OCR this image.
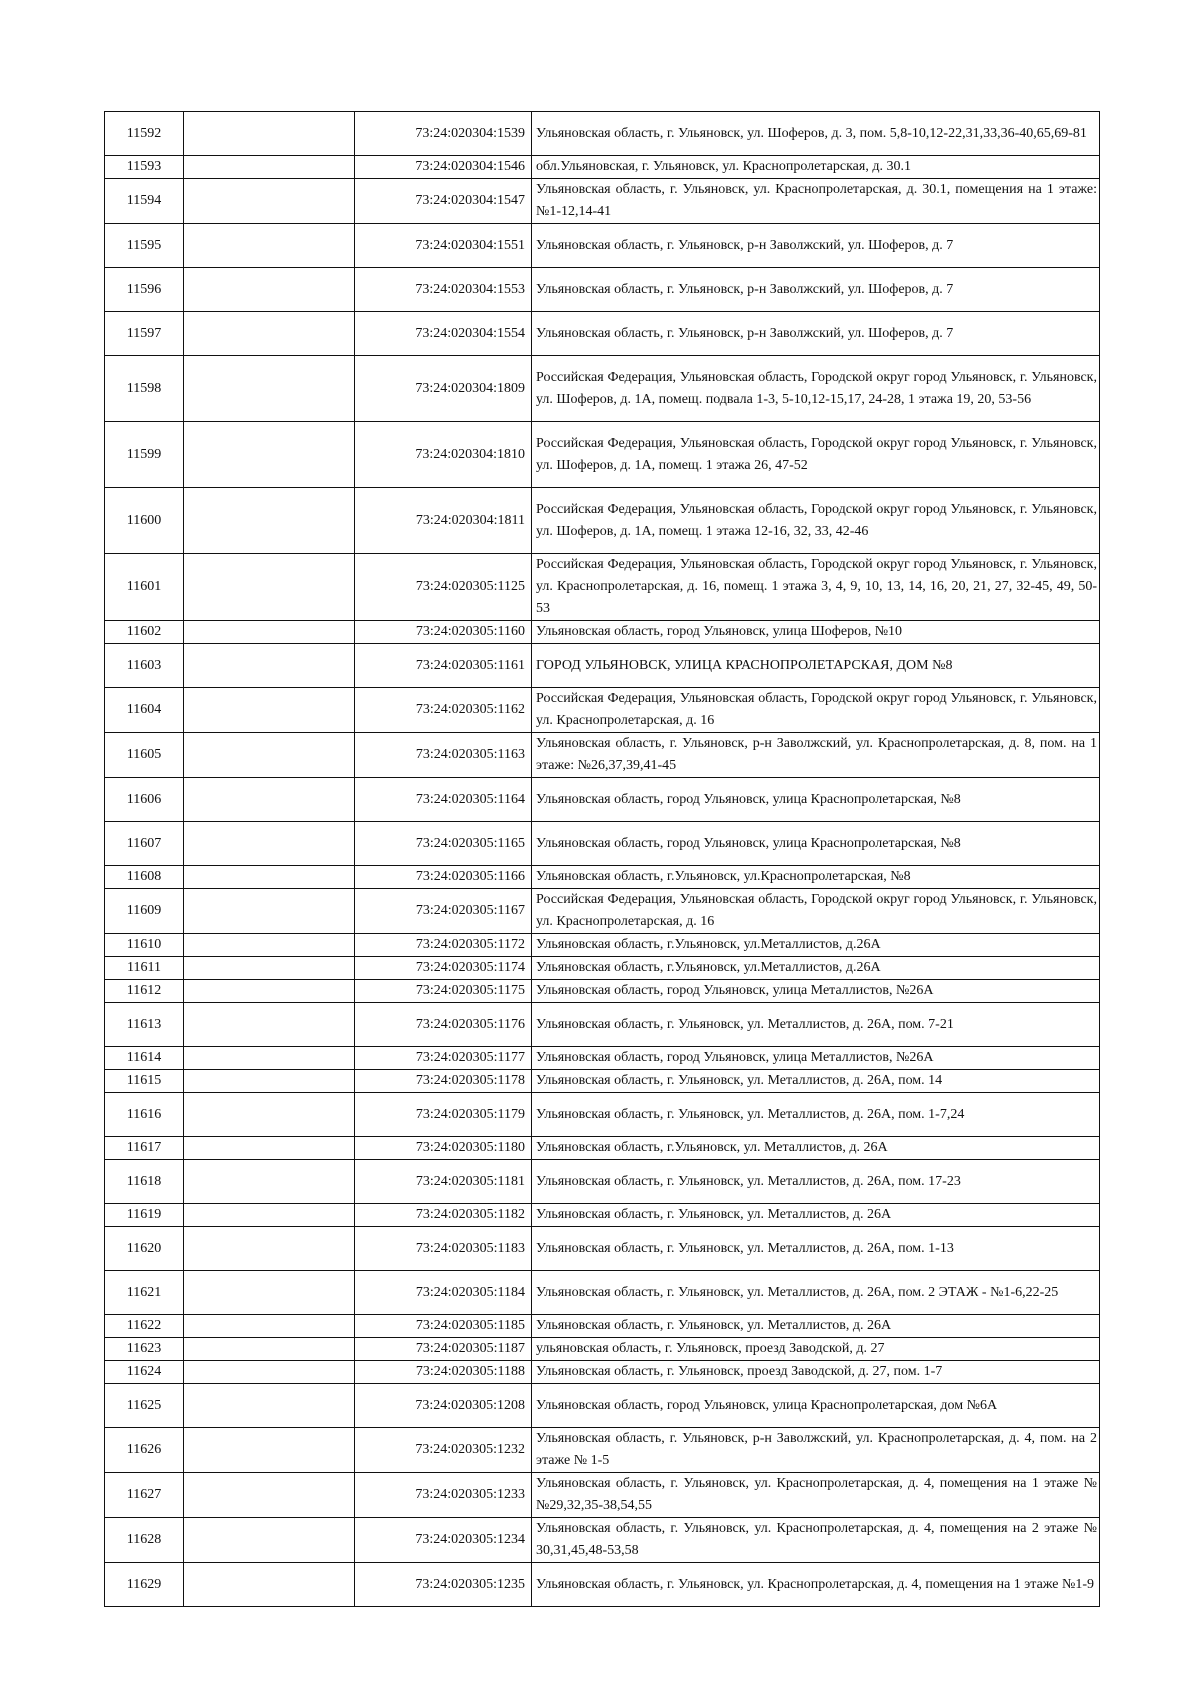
11592		73:24:020304:1539	Ульяновская область, г. Ульяновск, ул. Шоферов, д. 3, пом. 5,8-10,12-22,31,33,36-40,65,69-81
11593		73:24:020304:1546	обл.Ульяновская, г. Ульяновск, ул. Краснопролетарская, д. 30.1
11594		73:24:020304:1547	Ульяновская область, г. Ульяновск, ул. Краснопролетарская, д. 30.1, помещения на 1 этаже:№1-12,14-41
11595		73:24:020304:1551	Ульяновская область, г. Ульяновск, р-н Заволжский, ул. Шоферов, д. 7
11596		73:24:020304:1553	Ульяновская область, г. Ульяновск, р-н Заволжский, ул. Шоферов, д. 7
11597		73:24:020304:1554	Ульяновская область, г. Ульяновск, р-н Заволжский, ул. Шоферов, д. 7
11598		73:24:020304:1809	Российская Федерация, Ульяновская область, Городской округ город Ульяновск, г. Ульяновск, ул. Шоферов, д. 1А, помещ. подвала 1-3, 5-10,12-15,17, 24-28, 1 этажа 19, 20, 53-56
11599		73:24:020304:1810	Российская Федерация, Ульяновская область, Городской округ город Ульяновск, г. Ульяновск, ул. Шоферов, д. 1А, помещ. 1 этажа 26, 47-52
11600		73:24:020304:1811	Российская Федерация, Ульяновская область, Городской округ город Ульяновск, г. Ульяновск, ул. Шоферов, д. 1А, помещ. 1 этажа 12-16, 32, 33, 42-46
11601		73:24:020305:1125	Российская Федерация, Ульяновская область, Городской округ город Ульяновск, г. Ульяновск, ул. Краснопролетарская, д. 16, помещ. 1 этажа 3, 4, 9, 10, 13, 14, 16, 20, 21, 27, 32-45, 49, 50-53
11602		73:24:020305:1160	Ульяновская область, город Ульяновск, улица Шоферов, №10
11603		73:24:020305:1161	ГОРОД УЛЬЯНОВСК, УЛИЦА КРАСНОПРОЛЕТАРСКАЯ, ДОМ №8
11604		73:24:020305:1162	Российская Федерация, Ульяновская область, Городской округ город Ульяновск, г. Ульяновск, ул. Краснопролетарская, д. 16
11605		73:24:020305:1163	Ульяновская область, г. Ульяновск, р-н Заволжский, ул. Краснопролетарская, д. 8, пом. на 1 этаже: №26,37,39,41-45
11606		73:24:020305:1164	Ульяновская область, город Ульяновск, улица Краснопролетарская, №8
11607		73:24:020305:1165	Ульяновская область, город Ульяновск, улица Краснопролетарская, №8
11608		73:24:020305:1166	Ульяновская область, г.Ульяновск, ул.Краснопролетарская, №8
11609		73:24:020305:1167	Российская Федерация, Ульяновская область, Городской округ город Ульяновск, г. Ульяновск, ул. Краснопролетарская, д. 16
11610		73:24:020305:1172	Ульяновская область, г.Ульяновск, ул.Металлистов, д.26А
11611		73:24:020305:1174	Ульяновская область, г.Ульяновск, ул.Металлистов, д.26А
11612		73:24:020305:1175	Ульяновская область, город Ульяновск, улица Металлистов, №26А
11613		73:24:020305:1176	Ульяновская область, г. Ульяновск, ул. Металлистов, д. 26А, пом. 7-21
11614		73:24:020305:1177	Ульяновская область, город Ульяновск, улица Металлистов, №26А
11615		73:24:020305:1178	Ульяновская область, г. Ульяновск, ул. Металлистов, д. 26А, пом. 14
11616		73:24:020305:1179	Ульяновская область, г. Ульяновск, ул. Металлистов, д. 26А, пом. 1-7,24
11617		73:24:020305:1180	Ульяновская область, г.Ульяновск, ул. Металлистов, д. 26А
11618		73:24:020305:1181	Ульяновская область, г. Ульяновск, ул. Металлистов, д. 26А, пом. 17-23
11619		73:24:020305:1182	Ульяновская область, г. Ульяновск, ул. Металлистов, д. 26А
11620		73:24:020305:1183	Ульяновская область, г. Ульяновск, ул. Металлистов, д. 26А, пом. 1-13
11621		73:24:020305:1184	Ульяновская область, г. Ульяновск, ул. Металлистов, д. 26А, пом. 2 ЭТАЖ - №1-6,22-25
11622		73:24:020305:1185	Ульяновская область, г. Ульяновск, ул. Металлистов, д. 26А
11623		73:24:020305:1187	ульяновская область, г. Ульяновск, проезд Заводской, д. 27
11624		73:24:020305:1188	Ульяновская область, г. Ульяновск, проезд Заводской, д. 27, пом. 1-7
11625		73:24:020305:1208	Ульяновская область, город Ульяновск, улица Краснопролетарская, дом №6А
11626		73:24:020305:1232	Ульяновская область, г. Ульяновск, р-н Заволжский, ул. Краснопролетарская, д. 4, пом. на 2 этаже № 1-5
11627		73:24:020305:1233	Ульяновская область, г. Ульяновск, ул. Краснопролетарская, д. 4, помещения на 1 этаже №№29,32,35-38,54,55
11628		73:24:020305:1234	Ульяновская область, г. Ульяновск, ул. Краснопролетарская, д. 4, помещения на 2 этаже № 30,31,45,48-53,58
11629		73:24:020305:1235	Ульяновская область, г. Ульяновск, ул. Краснопролетарская, д. 4, помещения на 1 этаже №1-9
